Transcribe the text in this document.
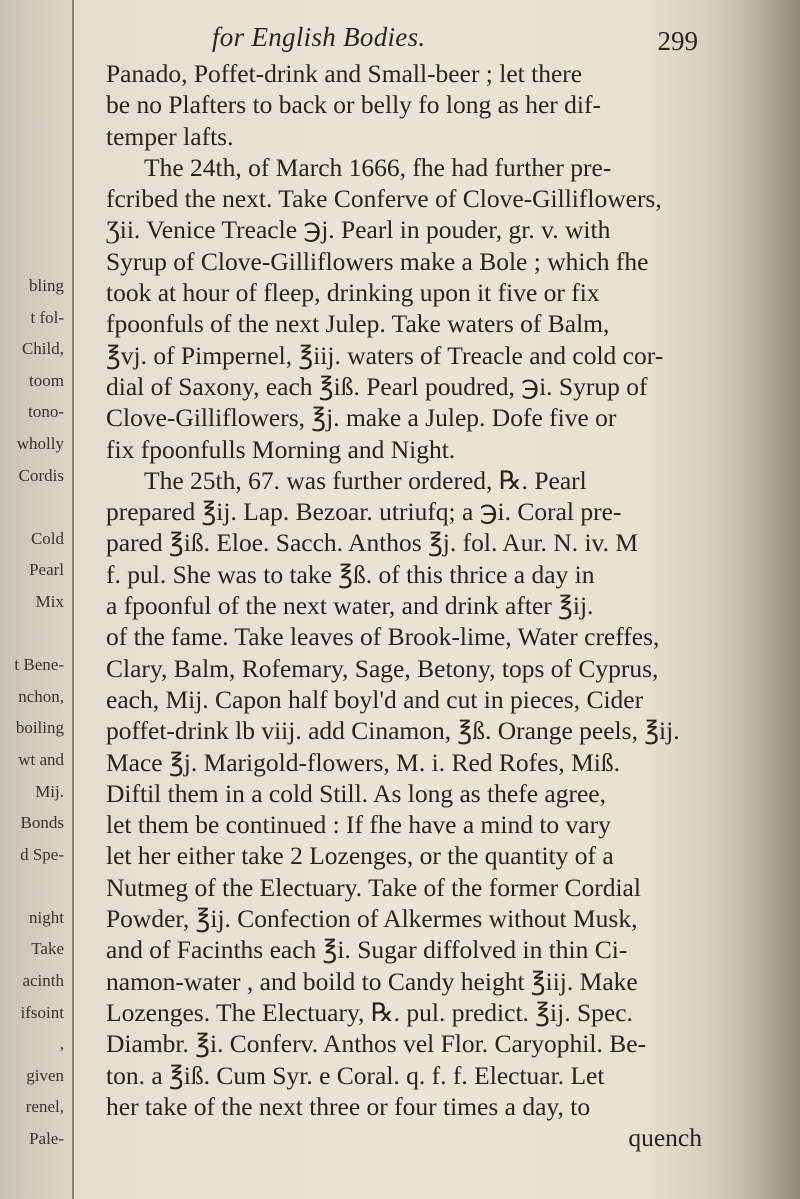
bling
t fol-
Child,
toom
tono-
wholly
Cordis

Cold
Pearl
Mix

t Bene-
nchon,
boiling
wt and
Mij.
Bonds
d Spe-

night
Take
acinth
ifsoint
,
given
renel,
Pale-
for English Bodies.	299
Panado, Poffet-drink and Small-beer ; let there
be no Plafters to back or belly fo long as her dif-
temper lafts.
The 24th, of March 1666, fhe had further pre-
fcribed the next. Take Conferve of Clove-Gilliflowers,
Ʒii. Venice Treacle ℈j. Pearl in pouder, gr. v. with
Syrup of Clove-Gilliflowers make a Bole ; which fhe
took at hour of fleep, drinking upon it five or fix
fpoonfuls of the next Julep. Take waters of Balm,
℥vj. of Pimpernel, ℥iij. waters of Treacle and cold cor-
dial of Saxony, each ℥iß. Pearl poudred, ℈i. Syrup of
Clove-Gilliflowers, ℥j. make a Julep. Dofe five or
fix fpoonfulls Morning and Night.
The 25th, 67. was further ordered, ℞. Pearl
prepared ℥ij. Lap. Bezoar. utriufq; a ℈i. Coral pre-
pared ℥iß. Eloe. Sacch. Anthos ℥j. fol. Aur. N. iv. M
f. pul. She was to take ℥ß. of this thrice a day in
a fpoonful of the next water, and drink after ℥ij.
of the fame. Take leaves of Brook-lime, Water creffes,
Clary, Balm, Rofemary, Sage, Betony, tops of Cyprus,
each, Mij. Capon half boyl'd and cut in pieces, Cider
poffet-drink lb viij. add Cinamon, ℥ß. Orange peels, ℥ij.
Mace ℥j. Marigold-flowers, M. i. Red Rofes, Miß.
Diftil them in a cold Still. As long as thefe agree,
let them be continued : If fhe have a mind to vary
let her either take 2 Lozenges, or the quantity of a
Nutmeg of the Electuary. Take of the former Cordial
Powder, ℥ij. Confection of Alkermes without Musk,
and of Facinths each ℥i. Sugar diffolved in thin Ci-
namon-water , and boild to Candy height ℥iij. Make
Lozenges. The Electuary, ℞. pul. predict. ℥ij. Spec.
Diambr. ℥i. Conferv. Anthos vel Flor. Caryophil. Be-
ton. a ℥iß. Cum Syr. e Coral. q. f. f. Electuar. Let
her take of the next three or four times a day, to
quench
